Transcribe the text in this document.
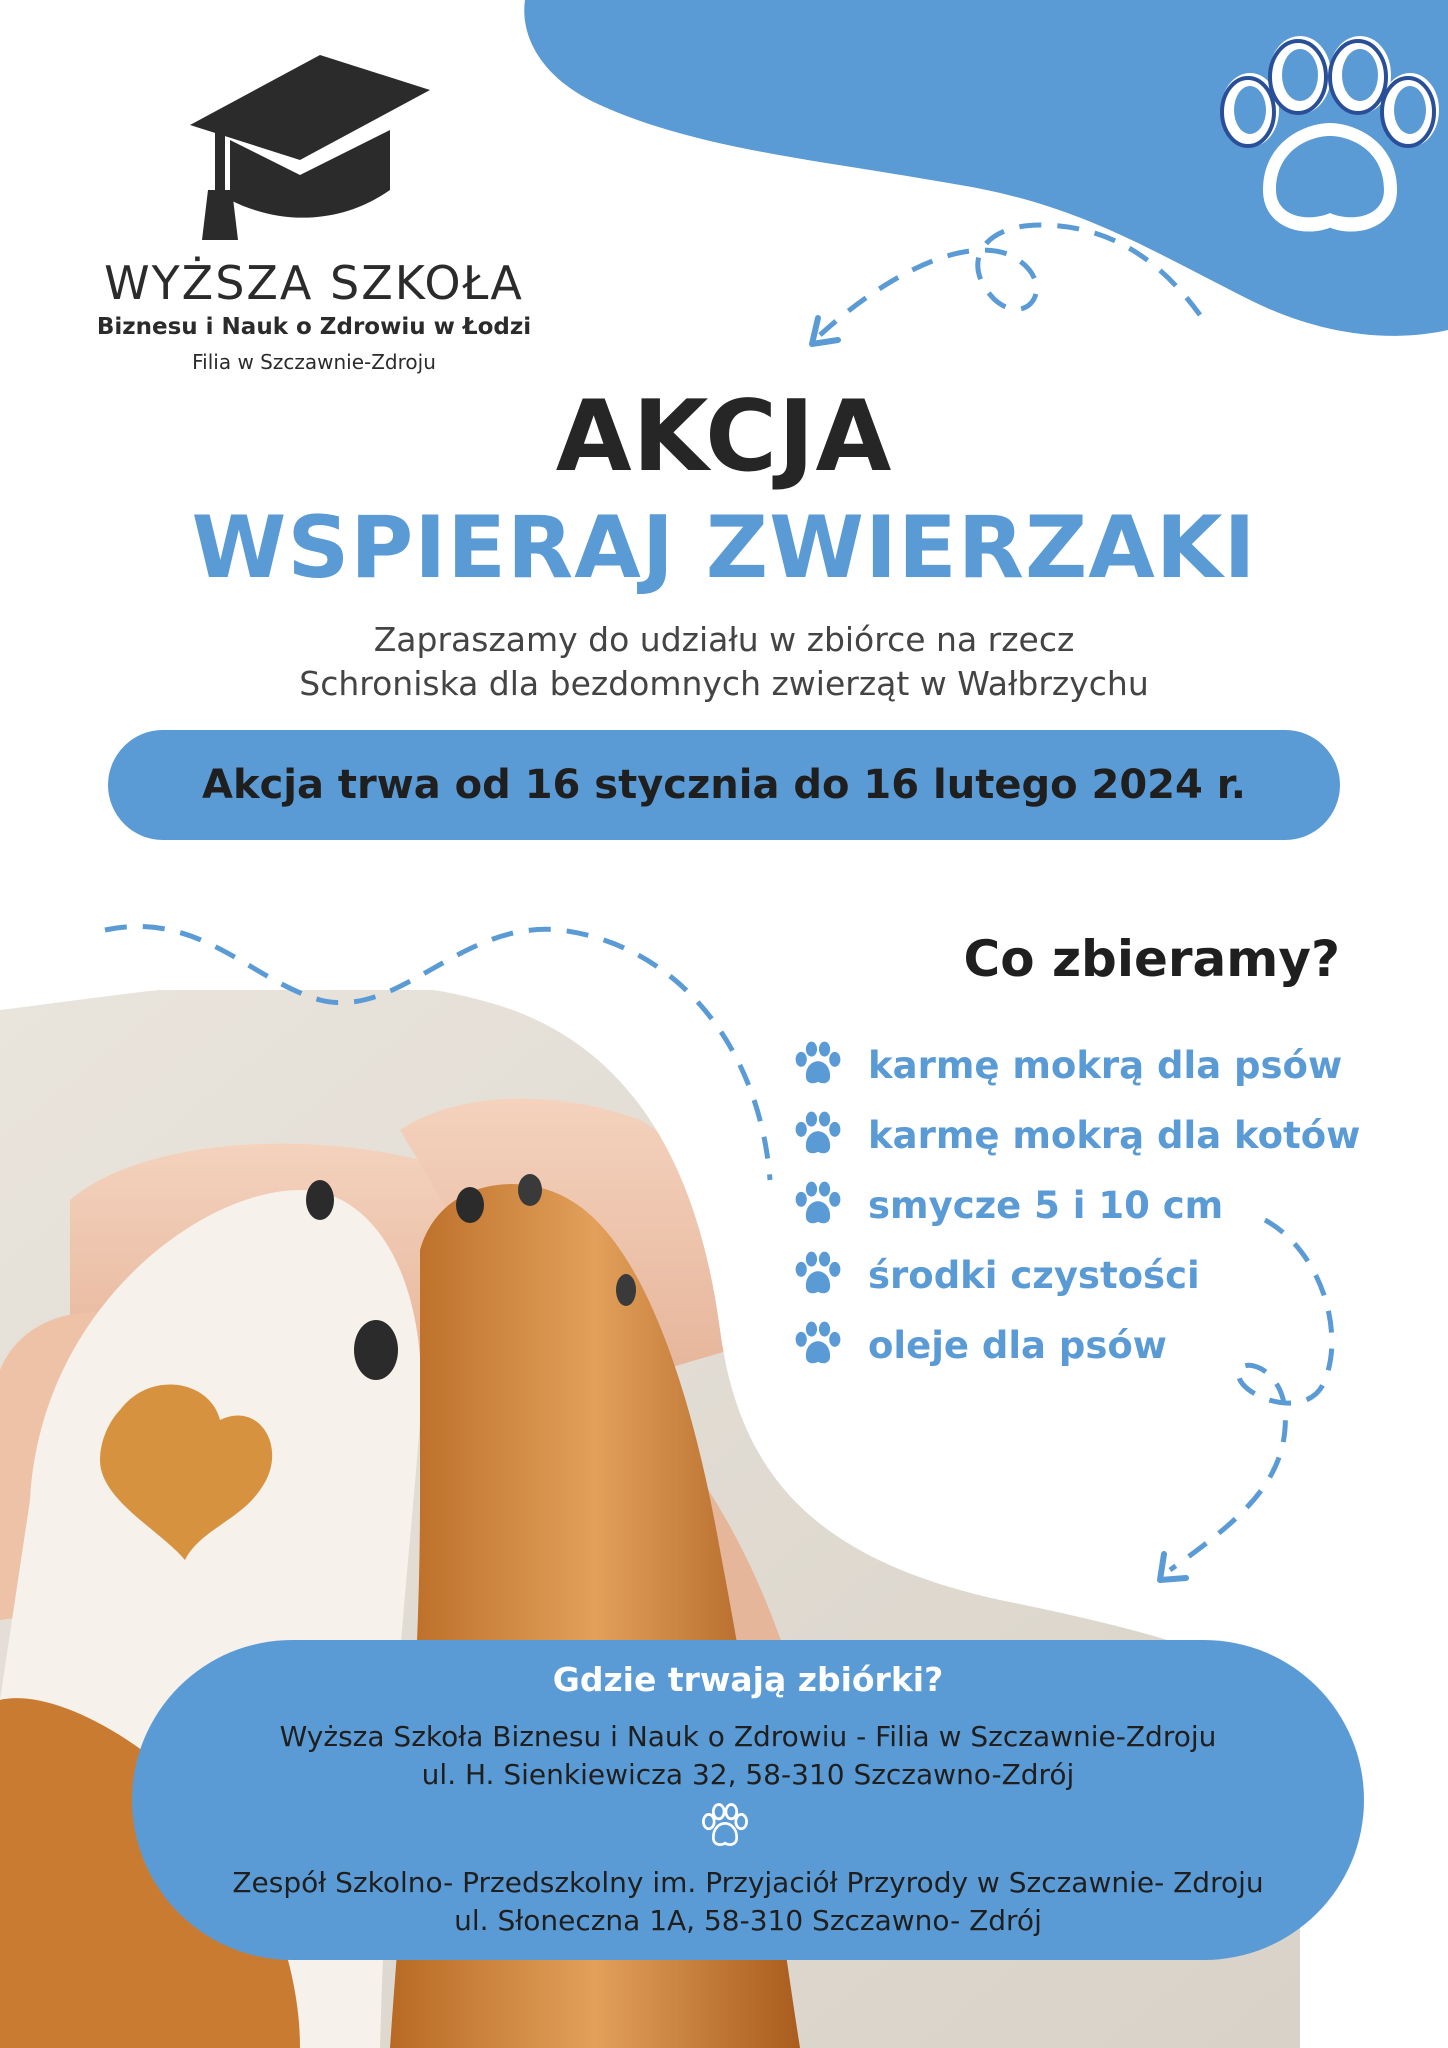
WYŻSZA SZKOŁA
Biznesu i Nauk o Zdrowiu w Łodzi
Filia w Szczawnie-Zdroju
AKCJA
WSPIERAJ ZWIERZAKI
Zapraszamy do udziału w zbiórce na rzecz
Schroniska dla bezdomnych zwierząt w Wałbrzychu
Akcja trwa od 16 stycznia do 16 lutego 2024 r.
Co zbieramy?
karmę mokrą dla psów
karmę mokrą dla kotów
smycze 5 i 10 cm
środki czystości
oleje dla psów
Gdzie trwają zbiórki?
Wyższa Szkoła Biznesu i Nauk o Zdrowiu - Filia w Szczawnie-Zdroju
ul. H. Sienkiewicza 32, 58-310 Szczawno-Zdrój
Zespół Szkolno- Przedszkolny im. Przyjaciół Przyrody w Szczawnie- Zdroju
ul. Słoneczna 1A, 58-310 Szczawno- Zdrój
